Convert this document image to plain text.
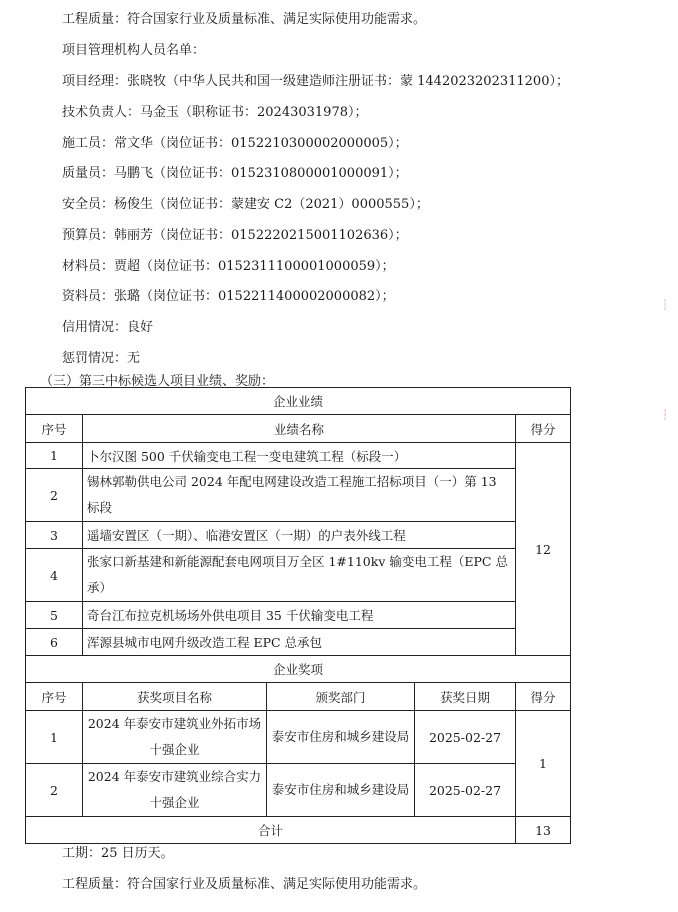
工程质量：符合国家行业及质量标准、满足实际使用功能需求。
项目管理机构人员名单：
项目经理：张晓牧（中华人民共和国一级建造师注册证书：蒙 1442023202311200）；
技术负责人：马金玉（职称证书：20243031978）；
施工员：常文华（岗位证书：0152210300002000005）；
质量员：马鹏飞（岗位证书：0152310800001000091）；
安全员：杨俊生（岗位证书：蒙建安 C2（2021）0000555）；
预算员：韩丽芳（岗位证书：0152220215001102636）；
材料员：贾超（岗位证书：0152311100001000059）；
资料员：张璐（岗位证书：0152211400002000082）；
信用情况：良好
惩罚情况：无
（三）第三中标候选人项目业绩、奖励：
企业业绩				
序号	业绩名称			得分
1	卜尔汉图 500 千伏输变电工程一变电建筑工程（标段一）			12
2	锡林郭勒供电公司 2024 年配电网建设改造工程施工招标项目（一）第 13 标段			
3	遥墙安置区（一期）、临港安置区（一期）的户表外线工程			
4	张家口新基建和新能源配套电网项目万全区 1#110kv 输变电工程（EPC 总承）			
5	奇台江布拉克机场场外供电项目 35 千伏输变电工程			
6	浑源县城市电网升级改造工程 EPC 总承包			
企业奖项				
序号	获奖项目名称	颁奖部门	获奖日期	得分
1	2024 年泰安市建筑业外拓市场十强企业	泰安市住房和城乡建设局	2025-02-27	1
2	2024 年泰安市建筑业综合实力十强企业	泰安市住房和城乡建设局	2025-02-27	
合计				13
工期：25 日历天。
工程质量：符合国家行业及质量标准、满足实际使用功能需求。
┆
┆
